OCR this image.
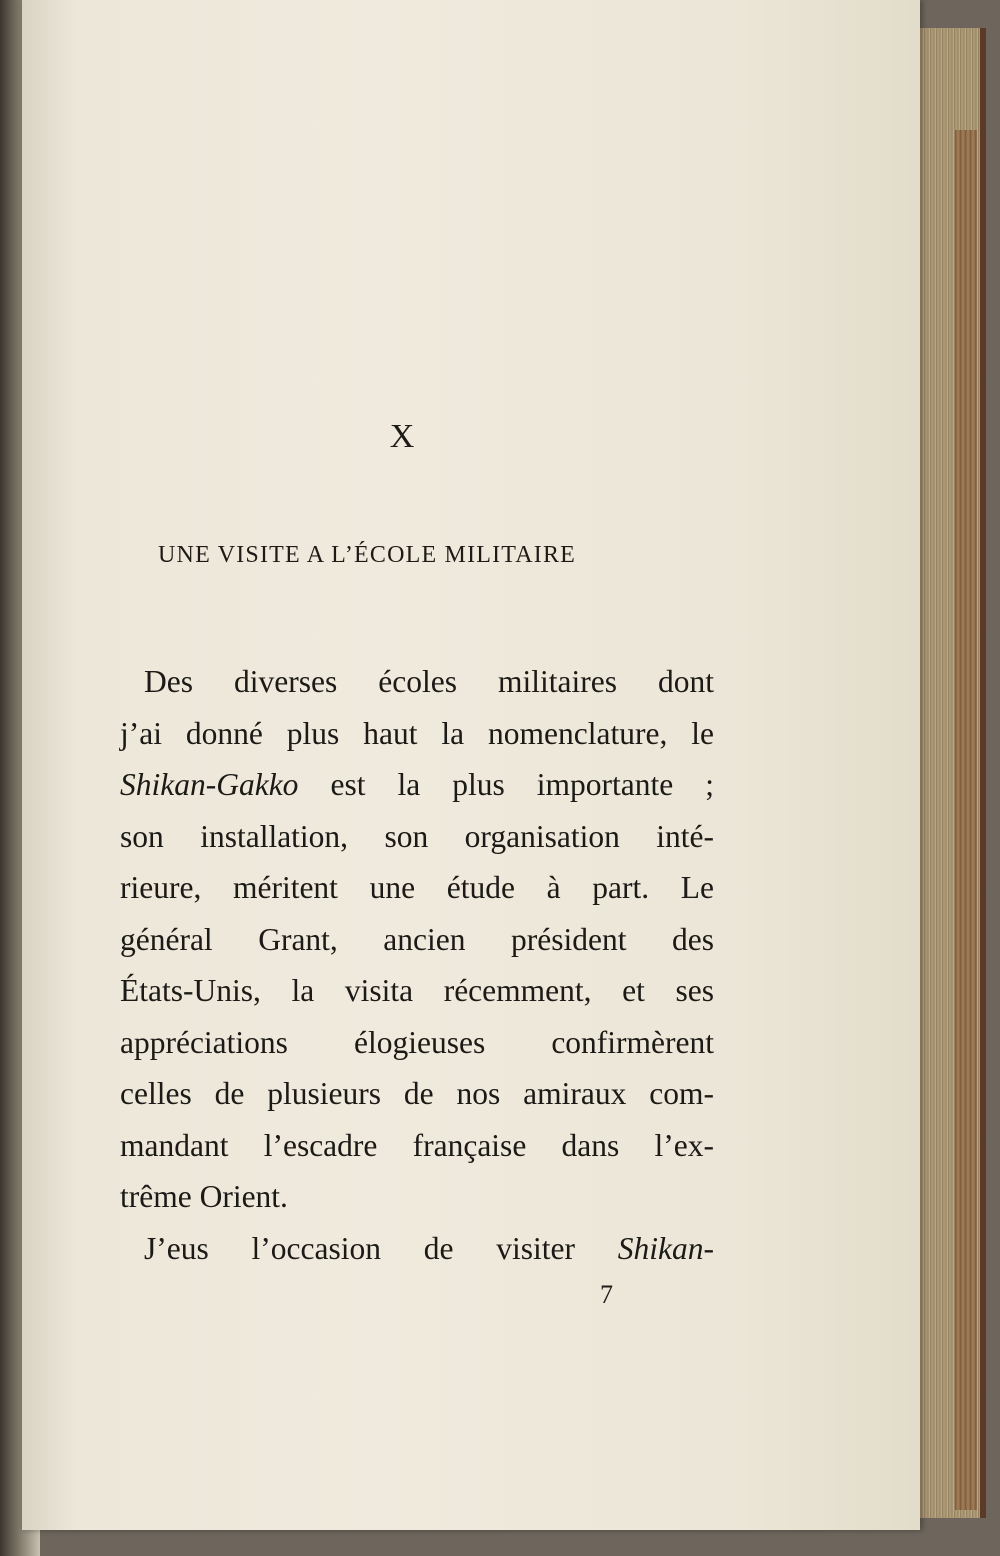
X
UNE VISITE A L’ÉCOLE MILITAIRE
Des diverses écoles militaires dont
j’ai donné plus haut la nomenclature, le
Shikan-Gakko est la plus importante ;
son installation, son organisation inté-
rieure, méritent une étude à part. Le
général Grant, ancien président des
États-Unis, la visita récemment, et ses
appréciations élogieuses confirmèrent
celles de plusieurs de nos amiraux com-
mandant l’escadre française dans l’ex-
trême Orient.
J’eus l’occasion de visiter Shikan-
7
